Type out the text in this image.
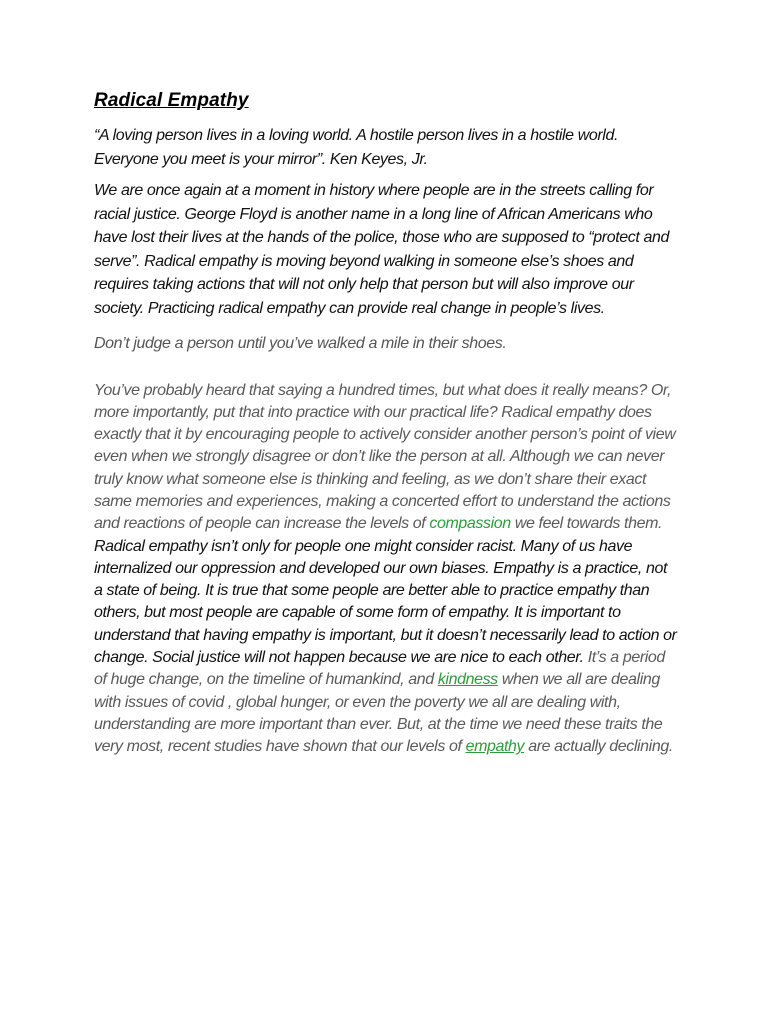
Radical Empathy

“A loving person lives in a loving world. A hostile person lives in a hostile world. Everyone you meet is your mirror”. Ken Keyes, Jr.

We are once again at a moment in history where people are in the streets calling for racial justice. George Floyd is another name in a long line of African Americans who have lost their lives at the hands of the police, those who are supposed to “protect and serve”. Radical empathy is moving beyond walking in someone else’s shoes and requires taking actions that will not only help that person but will also improve our society. Practicing radical empathy can provide real change in people’s lives.

Don’t judge a person until you’ve walked a mile in their shoes.

You’ve probably heard that saying a hundred times, but what does it really means? Or, more importantly, put that into practice with our practical life? Radical empathy does exactly that it by encouraging people to actively consider another person’s point of view even when we strongly disagree or don’t like the person at all. Although we can never truly know what someone else is thinking and feeling, as we don’t share their exact same memories and experiences, making a concerted effort to understand the actions and reactions of people can increase the levels of compassion we feel towards them. Radical empathy isn’t only for people one might consider racist. Many of us have internalized our oppression and developed our own biases. Empathy is a practice, not a state of being. It is true that some people are better able to practice empathy than others, but most people are capable of some form of empathy. It is important to understand that having empathy is important, but it doesn’t necessarily lead to action or change. Social justice will not happen because we are nice to each other. It’s a period of huge change, on the timeline of humankind, and kindness when we all are dealing with issues of covid , global hunger, or even the poverty we all are dealing with, understanding are more important than ever. But, at the time we need these traits the very most, recent studies have shown that our levels of empathy are actually declining.
